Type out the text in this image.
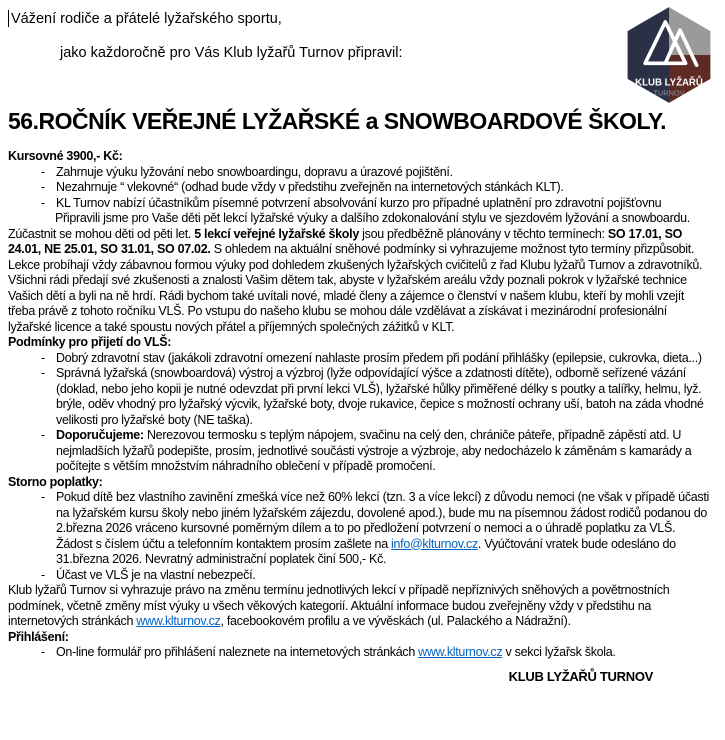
KLUB LYŽAŘŮ
TURNOV
Vážení rodiče a přátelé lyžařského sportu,
jako každoročně pro Vás Klub lyžařů Turnov připravil:
56.ROČNÍK VEŘEJNÉ LYŽAŘSKÉ a SNOWBOARDOVÉ ŠKOLY.
Kursovné 3900,- Kč:
- Zahrnuje výuku lyžování nebo snowboardingu, dopravu a úrazové pojištění.
- Nezahrnuje “ vlekovné“ (odhad bude vždy v předstihu zveřejněn na internetových stánkách KLT).
- KL Turnov nabízí účastníkům písemné potvrzení absolvování kurzo pro případné uplatnění pro zdravotní pojišťovnu
Připravili jsme pro Vaše děti pět lekcí lyžařské výuky a dalšího zdokonalování stylu ve sjezdovém lyžování a snowboardu. Zúčastnit se mohou děti od pěti let. 5 lekcí veřejné lyžařské školy jsou předběžně plánovány v těchto termínech: SO 17.01, SO 24.01, NE 25.01, SO 31.01, SO 07.02. S ohledem na aktuální sněhové podmínky si vyhrazujeme možnost tyto termíny přizpůsobit. Lekce probíhají vždy zábavnou formou výuky pod dohledem zkušených lyžařských cvičitelů z řad Klubu lyžařů Turnov a zdravotníků. Všichni rádi předají své zkušenosti a znalosti Vašim dětem tak, abyste v lyžařském areálu vždy poznali pokrok v lyžařské technice Vašich dětí a byli na ně hrdí. Rádi bychom také uvítali nové, mladé členy a zájemce o členství v našem klubu, kteří by mohli vzejít třeba právě z tohoto ročníku VLŠ. Po vstupu do našeho klubu se mohou dále vzdělávat a získávat i mezinárodní profesionální lyžařské licence a také spoustu nových přátel a příjemných společných zážitků v KLT.
Podmínky pro přijetí do VLŠ:
- Dobrý zdravotní stav (jakákoli zdravotní omezení nahlaste prosím předem při podání přihlášky (epilepsie, cukrovka, dieta...)
- Správná lyžařská (snowboardová) výstroj a výzbroj (lyže odpovídající výšce a zdatnosti dítěte), odborně seřízené vázání (doklad, nebo jeho kopii je nutné odevzdat při první lekci VLŠ), lyžařské hůlky přiměřené délky s poutky a talířky, helmu, lyž. brýle, oděv vhodný pro lyžařský výcvik, lyžařské boty, dvoje rukavice, čepice s možností ochrany uší, batoh na záda vhodné velikosti pro lyžařské boty (NE taška).
- Doporučujeme: Nerezovou termosku s teplým nápojem, svačinu na celý den, chrániče páteře, případně zápěstí atd. U nejmladších lyžařů podepište, prosím, jednotlivé součásti výstroje a výzbroje, aby nedocházelo k záměnám s kamarády a počítejte s větším množstvím náhradního oblečení v případě promočení.
Storno poplatky:
- Pokud dítě bez vlastního zavinění zmešká více než 60% lekcí (tzn. 3 a více lekcí) z důvodu nemoci (ne však v případě účasti na lyžařském kursu školy nebo jiném lyžařském zájezdu, dovolené apod.), bude mu na písemnou žádost rodičů podanou do 2.března 2026 vráceno kursovné poměrným dílem a to po předložení potvrzení o nemoci a o úhradě poplatku za VLŠ. Žádost s číslem účtu a telefonním kontaktem prosím zašlete na info@klturnov.cz. Vyúčtování vratek bude odesláno do 31.března 2026. Nevratný administrační poplatek činí 500,- Kč.
- Účast ve VLŠ je na vlastní nebezpečí.
Klub lyžařů Turnov si vyhrazuje právo na změnu termínu jednotlivých lekcí v případě nepříznivých sněhových a povětrnostních podmínek, včetně změny míst výuky u všech věkových kategorií. Aktuální informace budou zveřejněny vždy v předstihu na internetových stránkách www.klturnov.cz, facebookovém profilu a ve vývěskách (ul. Palackého a Nádražní).
Přihlášení:
- On-line formulář pro přihlášení naleznete na internetových stránkách www.klturnov.cz v sekci lyžařsk škola.
KLUB LYŽAŘŮ TURNOV
